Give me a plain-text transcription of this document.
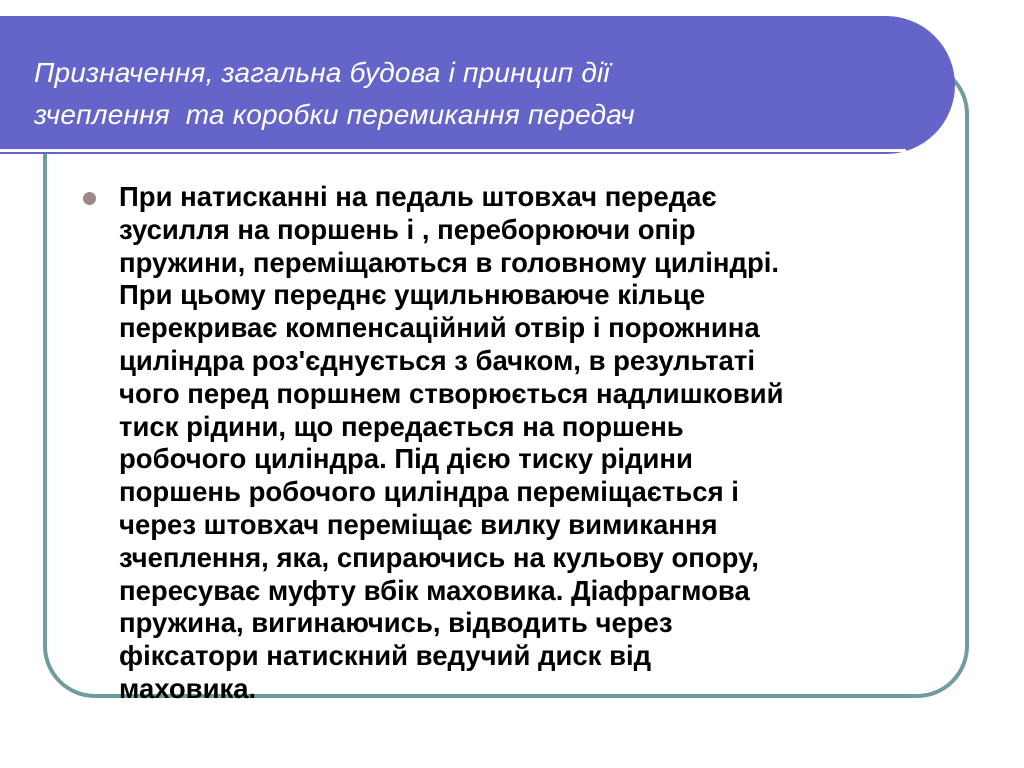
Призначення, загальна будова і принцип дії
зчеплення  та коробки перемикання передач

При натисканні на педаль штовхач передає
зусилля на поршень і , переборюючи опір
пружини, переміщаються в головному циліндрі.
При цьому переднє ущильнюваюче кільце
перекриває компенсаційний отвір і порожнина
циліндра роз'єднується з бачком, в результаті
чого перед поршнем створюється надлишковий
тиск рідини, що передається на поршень
робочого циліндра. Під дією тиску рідини
поршень робочого циліндра переміщається і
через штовхач переміщає вилку вимикання
зчеплення, яка, спираючись на кульову опору,
пересуває муфту вбік маховика. Діафрагмова
пружина, вигинаючись, відводить через
фіксатори натискний ведучий диск від
маховика.
